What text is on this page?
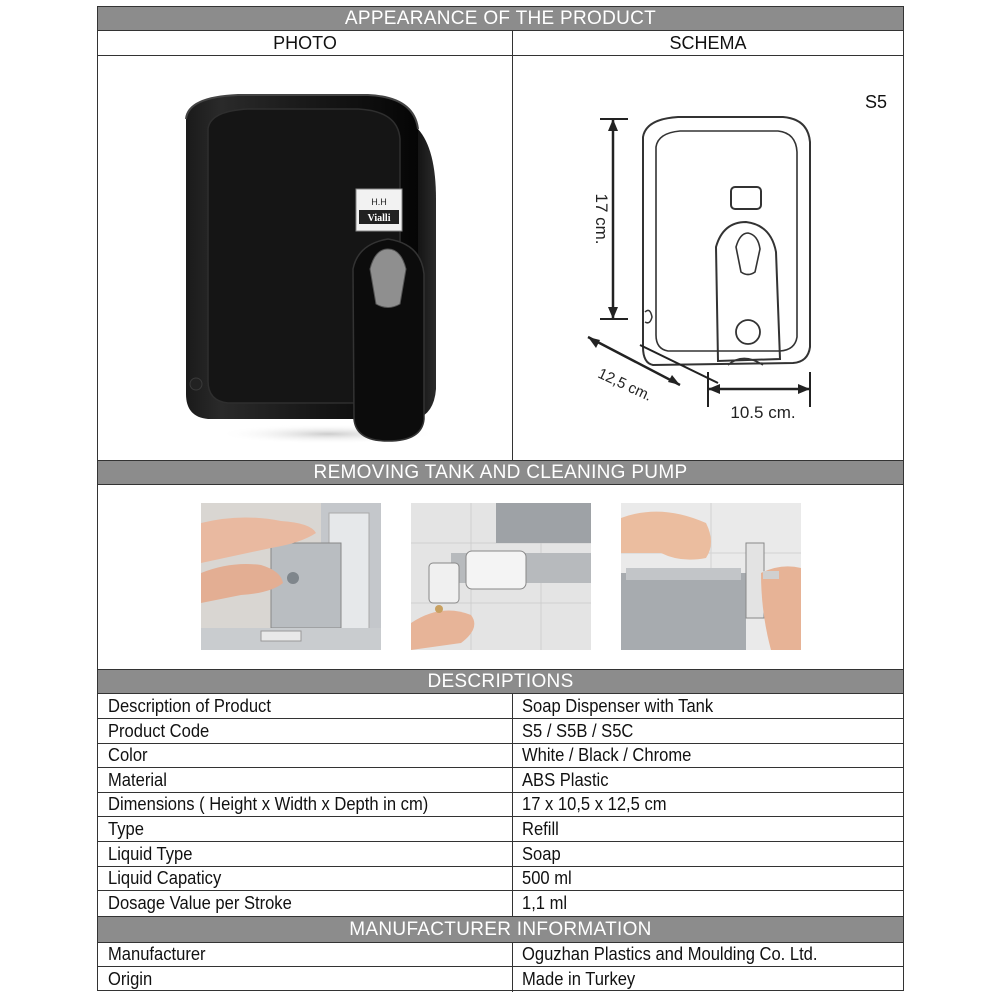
APPEARANCE OF THE PRODUCT
PHOTO	SCHEMA
H.H
Vialli
S5
17 cm.
12,5 cm.
10.5 cm.
REMOVING TANK AND CLEANING PUMP
DESCRIPTIONS
Description of Product	Soap Dispenser with Tank
Product Code	S5 / S5B / S5C
Color	White / Black / Chrome
Material	ABS Plastic
Dimensions ( Height x Width x Depth in cm)	17 x 10,5 x 12,5 cm
Type	Refill
Liquid Type	Soap
Liquid Capaticy	500 ml
Dosage Value per Stroke	1,1 ml
MANUFACTURER INFORMATION
Manufacturer	Oguzhan Plastics and Moulding Co. Ltd.
Origin	Made in Turkey
